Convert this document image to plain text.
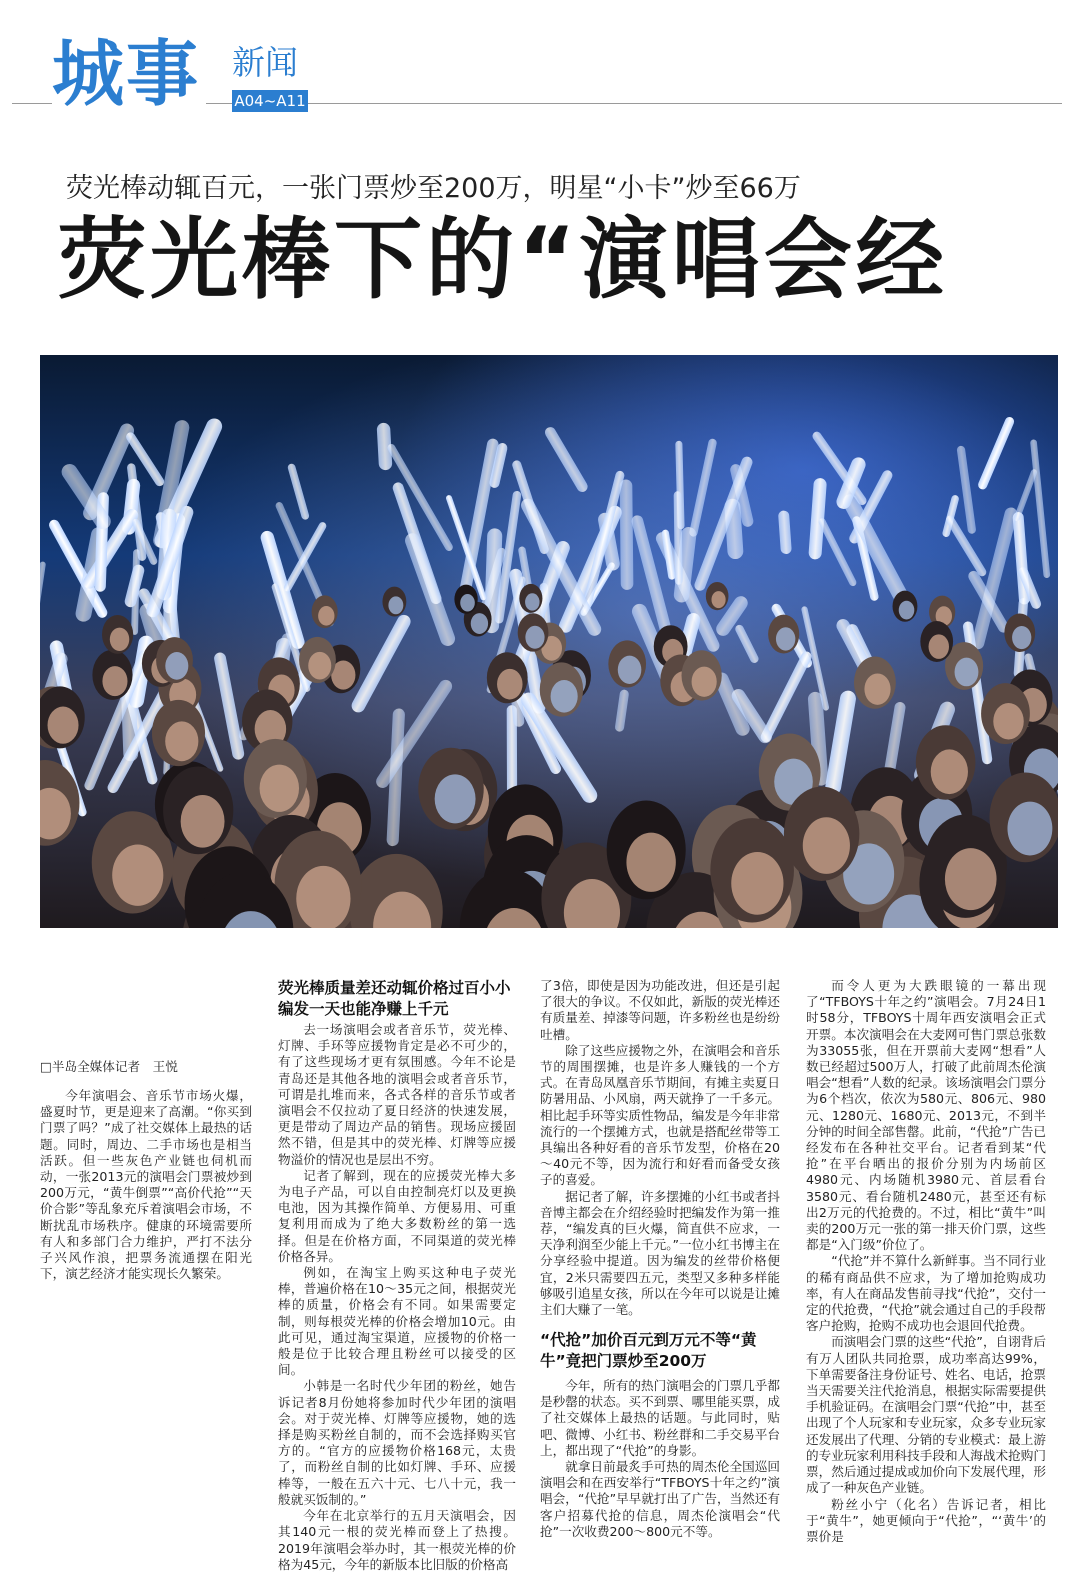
城事 新闻
A04~A11
荧光棒动辄百元，一张门票炒至200万，明星“小卡”炒至66万
荧光棒下的“演唱会经
□半岛全媒体记者　王悦

今年演唱会、音乐节市场火爆，盛夏时节，更是迎来了高潮。“你买到门票了吗？”成了社交媒体上最热的话题。同时，周边、二手市场也是相当活跃。但一些灰色产业链也伺机而动，一张2013元的演唱会门票被炒到200万元，“黄牛倒票”“高价代抢”“天价合影”等乱象充斥着演唱会市场，不断扰乱市场秩序。健康的环境需要所有人和多部门合力维护，严打不法分子兴风作浪，把票务流通摆在阳光下，演艺经济才能实现长久繁荣。

荧光棒质量差还动辄价格过百小小编发一天也能净赚上千元

去一场演唱会或者音乐节，荧光棒、灯牌、手环等应援物肯定是必不可少的，有了这些现场才更有氛围感。今年不论是青岛还是其他各地的演唱会或者音乐节，可谓是扎堆而来，各式各样的音乐节或者演唱会不仅拉动了夏日经济的快速发展，更是带动了周边产品的销售。现场应援固然不错，但是其中的荧光棒、灯牌等应援物溢价的情况也是层出不穷。

记者了解到，现在的应援荧光棒大多为电子产品，可以自由控制亮灯以及更换电池，因为其操作简单、方便易用、可重复利用而成为了绝大多数粉丝的第一选择。但是在价格方面，不同渠道的荧光棒价格各异。

例如，在淘宝上购买这种电子荧光棒，普遍价格在10～35元之间，根据荧光棒的质量，价格会有不同。如果需要定制，则每根荧光棒的价格会增加10元。由此可见，通过淘宝渠道，应援物的价格一般是位于比较合理且粉丝可以接受的区间。

小韩是一名时代少年团的粉丝，她告诉记者8月份她将参加时代少年团的演唱会。对于荧光棒、灯牌等应援物，她的选择是购买粉丝自制的，而不会选择购买官方的。“官方的应援物价格168元，太贵了，而粉丝自制的比如灯牌、手环、应援棒等，一般在五六十元、七八十元，我一般就买饭制的。”

今年在北京举行的五月天演唱会，因其140元一根的荧光棒而登上了热搜。2019年演唱会举办时，其一根荧光棒的价格为45元，今年的新版本比旧版的价格高

了3倍，即使是因为功能改进，但还是引起了很大的争议。不仅如此，新版的荧光棒还有质量差、掉漆等问题，许多粉丝也是纷纷吐槽。

除了这些应援物之外，在演唱会和音乐节的周围摆摊，也是许多人赚钱的一个方式。在青岛凤凰音乐节期间，有摊主卖夏日防暑用品、小风扇，两天就挣了一千多元。相比起手环等实质性物品，编发是今年非常流行的一个摆摊方式，也就是搭配丝带等工具编出各种好看的音乐节发型，价格在20～40元不等，因为流行和好看而备受女孩子的喜爱。

据记者了解，许多摆摊的小红书或者抖音博主都会在介绍经验时把编发作为第一推荐，“编发真的巨火爆，简直供不应求，一天净利润至少能上千元。”一位小红书博主在分享经验中提道。因为编发的丝带价格便宜，2米只需要四五元，类型又多种多样能够吸引追星女孩，所以在今年可以说是让摊主们大赚了一笔。

“代抢”加价百元到万元不等“黄牛”竟把门票炒至200万

今年，所有的热门演唱会的门票几乎都是秒罄的状态。买不到票、哪里能买票，成了社交媒体上最热的话题。与此同时，贴吧、微博、小红书、粉丝群和二手交易平台上，都出现了“代抢”的身影。

就拿日前最炙手可热的周杰伦全国巡回演唱会和在西安举行“TFBOYS十年之约”演唱会，“代抢”早早就打出了广告，当然还有客户招募代抢的信息，周杰伦演唱会“代抢”一次收费200～800元不等。

而令人更为大跌眼镜的一幕出现了“TFBOYS十年之约”演唱会。7月24日1时58分，TFBOYS十周年西安演唱会正式开票。本次演唱会在大麦网可售门票总张数为33055张，但在开票前大麦网“想看”人数已经超过500万人，打破了此前周杰伦演唱会“想看”人数的纪录。该场演唱会门票分为6个档次，依次为580元、806元、980元、1280元、1680元、2013元，不到半分钟的时间全部售罄。此前，“代抢”广告已经发布在各种社交平台。记者看到某“代抢”在平台晒出的报价分别为内场前区4980元、内场随机3980元、首层看台3580元、看台随机2480元，甚至还有标出2万元的代抢费的。不过，相比“黄牛”叫卖的200万元一张的第一排天价门票，这些都是“入门级”价位了。

“代抢”并不算什么新鲜事。当不同行业的稀有商品供不应求，为了增加抢购成功率，有人在商品发售前寻找“代抢”，交付一定的代抢费，“代抢”就会通过自己的手段帮客户抢购，抢购不成功也会退回代抢费。

而演唱会门票的这些“代抢”，自诩背后有万人团队共同抢票，成功率高达99%，下单需要备注身份证号、姓名、电话，抢票当天需要关注代抢消息，根据实际需要提供手机验证码。在演唱会门票“代抢”中，甚至出现了个人玩家和专业玩家，众多专业玩家还发展出了代理、分销的专业模式：最上游的专业玩家利用科技手段和人海战术抢购门票，然后通过提成或加价向下发展代理，形成了一种灰色产业链。

粉丝小宁（化名）告诉记者，相比于“黄牛”，她更倾向于“代抢”，“‘黄牛’的票价是
